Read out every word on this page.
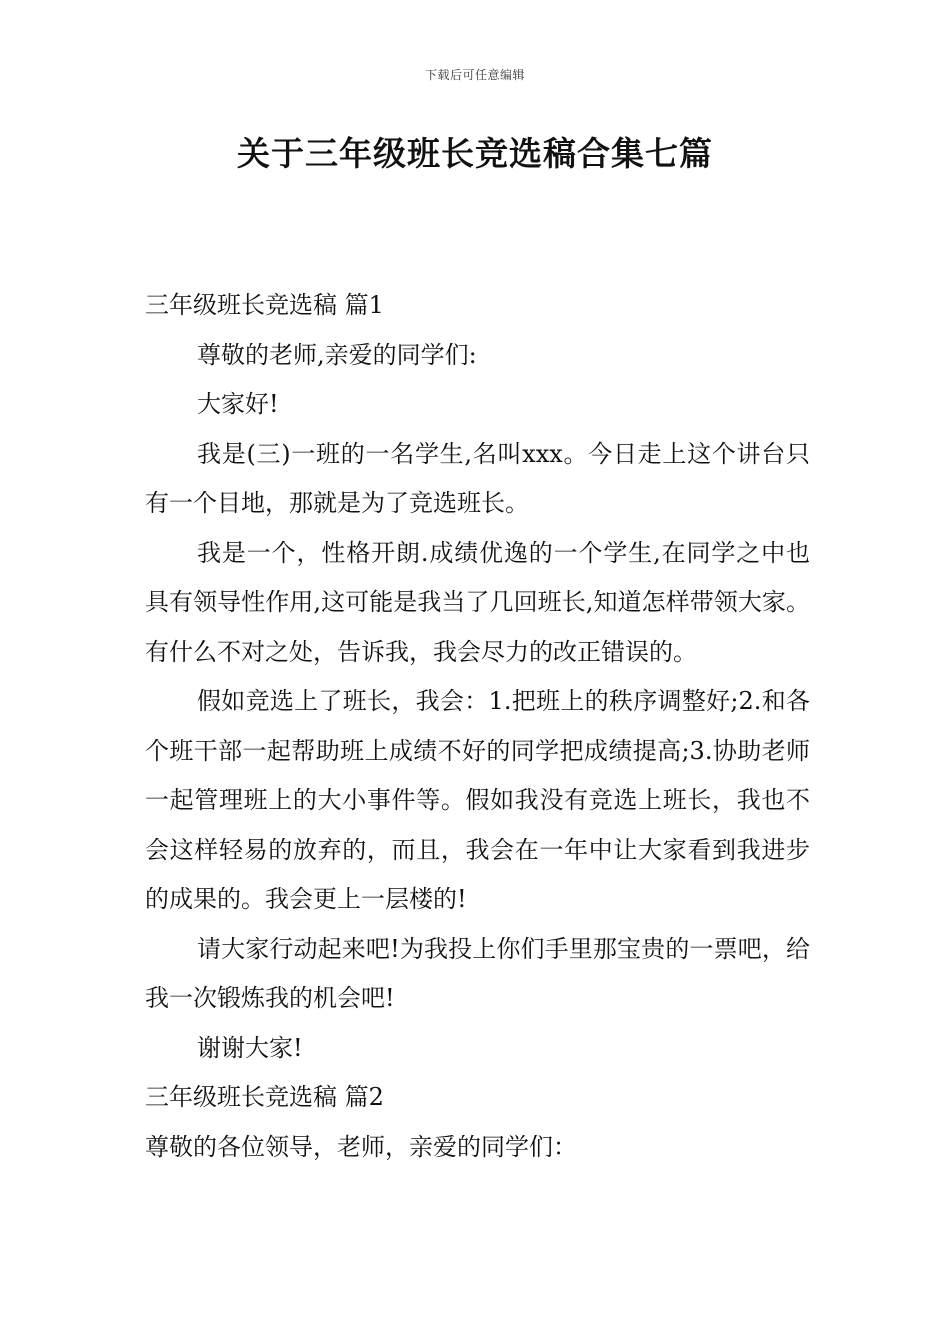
下载后可任意编辑
关于三年级班长竞选稿合集七篇

三年级班长竞选稿 篇1

尊敬的老师,亲爱的同学们:

大家好!

我是(三)一班的一名学生,名叫xxx。今日走上这个讲台只有一个目地，那就是为了竞选班长。

我是一个，性格开朗.成绩优逸的一个学生,在同学之中也具有领导性作用,这可能是我当了几回班长,知道怎样带领大家。有什么不对之处，告诉我，我会尽力的改正错误的。

假如竞选上了班长，我会：1.把班上的秩序调整好;2.和各个班干部一起帮助班上成绩不好的同学把成绩提高;3.协助老师一起管理班上的大小事件等。假如我没有竞选上班长，我也不会这样轻易的放弃的，而且，我会在一年中让大家看到我进步的成果的。我会更上一层楼的!

请大家行动起来吧!为我投上你们手里那宝贵的一票吧，给我一次锻炼我的机会吧!

谢谢大家!

三年级班长竞选稿 篇2

尊敬的各位领导，老师，亲爱的同学们：
